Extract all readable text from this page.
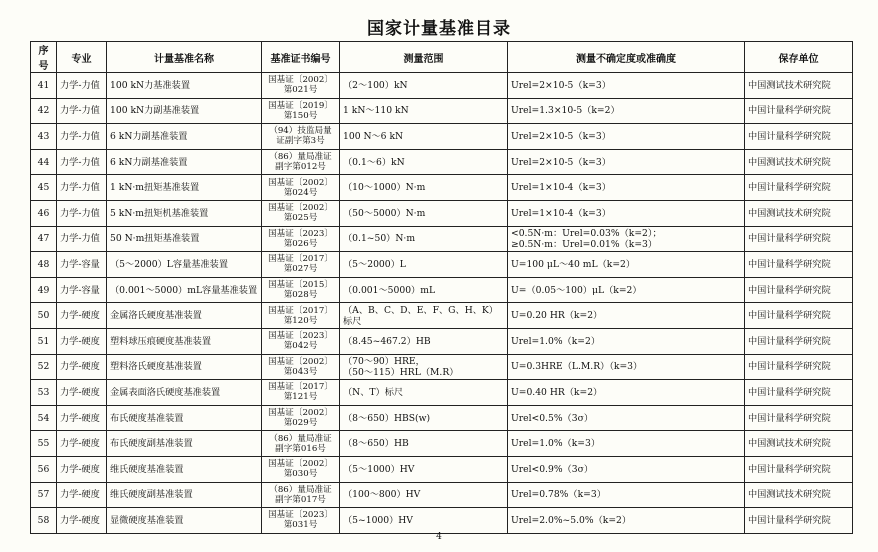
国家计量基准目录
序号	专业	计量基准名称	基准证书编号	测量范围	测量不确定度或准确度	保存单位
41	力学-力值	100 kN力基准装置	国基证〔2002〕第021号	（2～100）kN	Urel=2×10-5（k=3）	中国测试技术研究院
42	力学-力值	100 kN力副基准装置	国基证〔2019〕第150号	1 kN～110 kN	Urel=1.3×10-5（k=2）	中国计量科学研究院
43	力学-力值	6 kN力副基准装置	（94）技监局量证副字第3号	100 N～6 kN	Urel=2×10-5（k=3）	中国计量科学研究院
44	力学-力值	6 kN力副基准装置	（86）量局准证副字第012号	（0.1～6）kN	Urel=2×10-5（k=3）	中国测试技术研究院
45	力学-力值	1 kN·m扭矩基准装置	国基证〔2002〕第024号	（10～1000）N·m	Urel=1×10-4（k=3）	中国计量科学研究院
46	力学-力值	5 kN·m扭矩机基准装置	国基证〔2002〕第025号	（50～5000）N·m	Urel=1×10-4（k=3）	中国测试技术研究院
47	力学-力值	50 N·m扭矩基准装置	国基证〔2023〕第026号	（0.1~50）N·m	<0.5N·m：Urel=0.03%（k=2）；
≥0.5N·m：Urel=0.01%（k=3）	中国计量科学研究院
48	力学-容量	（5～2000）L容量基准装置	国基证〔2017〕第027号	（5～2000）L	U=100 μL～40 mL（k=2）	中国计量科学研究院
49	力学-容量	（0.001～5000）mL容量基准装置	国基证〔2015〕第028号	（0.001～5000）mL	U=（0.05～100）μL（k=2）	中国计量科学研究院
50	力学-硬度	金属洛氏硬度基准装置	国基证〔2017〕第120号	（A、B、C、D、E、F、G、H、K）标尺	U=0.20 HR（k=2）	中国计量科学研究院
51	力学-硬度	塑料球压痕硬度基准装置	国基证〔2023〕第042号	（8.45~467.2）HB	Urel=1.0%（k=2）	中国计量科学研究院
52	力学-硬度	塑料洛氏硬度基准装置	国基证〔2002〕第043号	（70～90）HRE，
（50～115）HRL（M.R）	U=0.3HRE（L.M.R）（k=3）	中国计量科学研究院
53	力学-硬度	金属表面洛氏硬度基准装置	国基证〔2017〕第121号	（N、T）标尺	U=0.40 HR（k=2）	中国计量科学研究院
54	力学-硬度	布氏硬度基准装置	国基证〔2002〕第029号	（8～650）HBS(w)	Urel<0.5%（3σ）	中国计量科学研究院
55	力学-硬度	布氏硬度副基准装置	（86）量局准证副字第016号	（8～650）HB	Urel=1.0%（k=3）	中国测试技术研究院
56	力学-硬度	维氏硬度基准装置	国基证〔2002〕第030号	（5～1000）HV	Urel<0.9%（3σ）	中国计量科学研究院
57	力学-硬度	维氏硬度副基准装置	（86）量局准证副字第017号	（100～800）HV	Urel=0.78%（k=3）	中国测试技术研究院
58	力学-硬度	显微硬度基准装置	国基证〔2023〕第031号	（5~1000）HV	Urel=2.0%~5.0%（k=2）	中国计量科学研究院
4
